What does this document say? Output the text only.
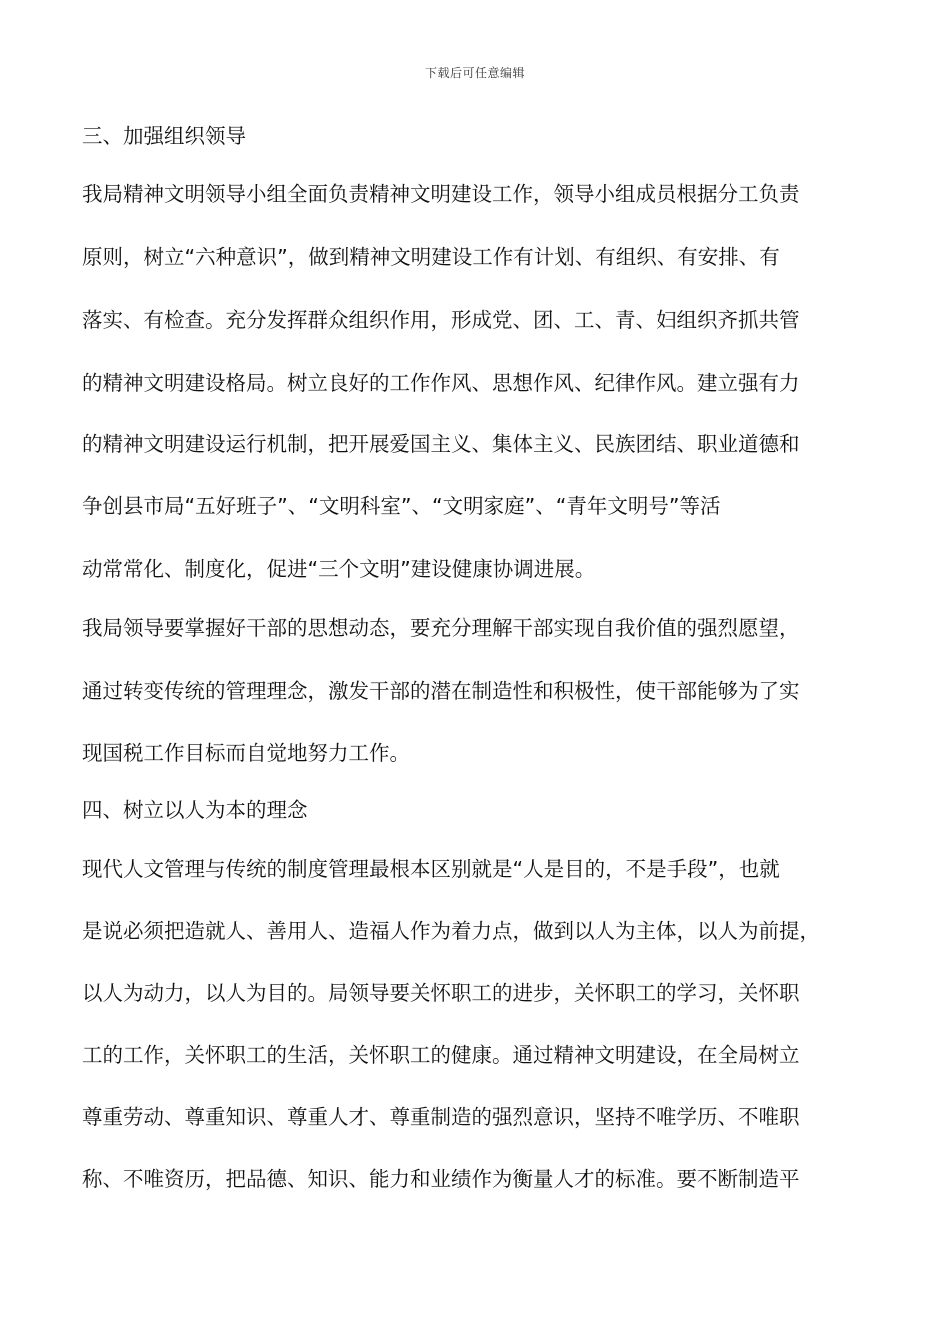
下载后可任意编辑
三、加强组织领导
我局精神文明领导小组全面负责精神文明建设工作，领导小组成员根据分工负责
原则，树立“六种意识”，做到精神文明建设工作有计划、有组织、有安排、有
落实、有检查。充分发挥群众组织作用，形成党、团、工、青、妇组织齐抓共管
的精神文明建设格局。树立良好的工作作风、思想作风、纪律作风。建立强有力
的精神文明建设运行机制，把开展爱国主义、集体主义、民族团结、职业道德和
争创县市局“五好班子”、“文明科室”、“文明家庭”、“青年文明号”等活
动常常化、制度化，促进“三个文明”建设健康协调进展。
我局领导要掌握好干部的思想动态，要充分理解干部实现自我价值的强烈愿望，
通过转变传统的管理理念，激发干部的潜在制造性和积极性，使干部能够为了实
现国税工作目标而自觉地努力工作。
四、树立以人为本的理念
现代人文管理与传统的制度管理最根本区别就是“人是目的，不是手段”，也就
是说必须把造就人、善用人、造福人作为着力点，做到以人为主体，以人为前提，
以人为动力，以人为目的。局领导要关怀职工的进步，关怀职工的学习，关怀职
工的工作，关怀职工的生活，关怀职工的健康。通过精神文明建设，在全局树立
尊重劳动、尊重知识、尊重人才、尊重制造的强烈意识，坚持不唯学历、不唯职
称、不唯资历，把品德、知识、能力和业绩作为衡量人才的标准。要不断制造平
